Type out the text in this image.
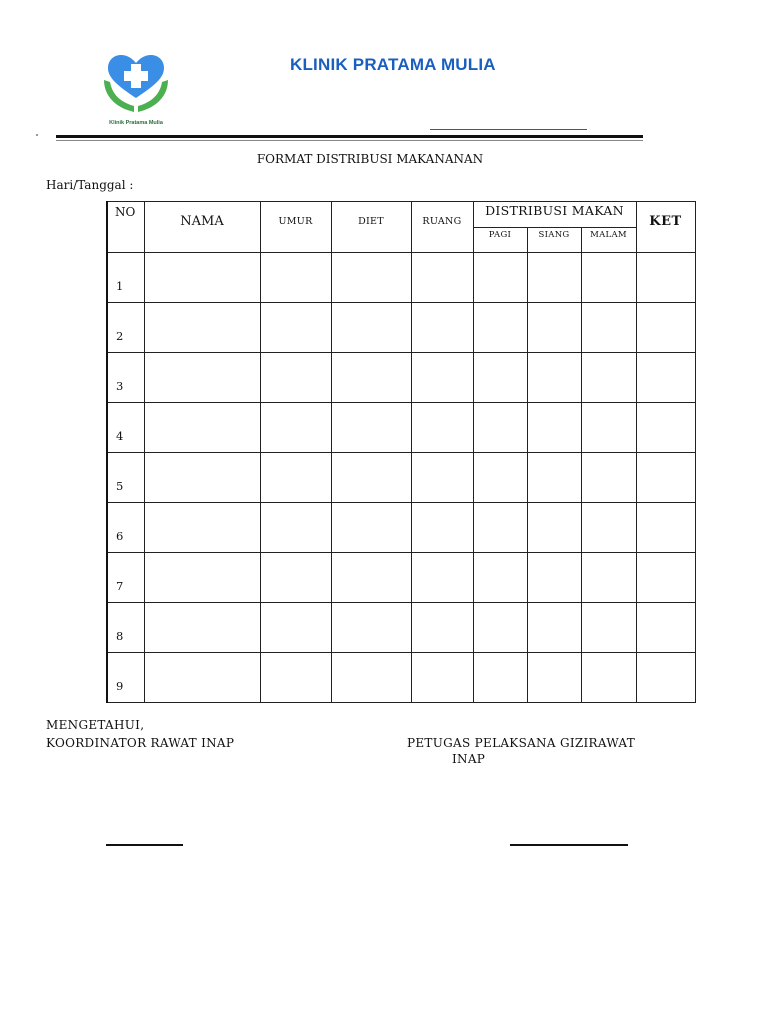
Klinik Pratama Mulia
KLINIK PRATAMA MULIA
FORMAT DISTRIBUSI MAKANANAN
Hari/Tanggal :
NO	NAMA	UMUR	DIET	RUANG	DISTRIBUSI MAKAN			KET
					PAGI	SIANG	MALAM	
1								
2								
3								
4								
5								
6								
7								
8								
9								
MENGETAHUI,
KOORDINATOR RAWAT INAP	PETUGAS PELAKSANA GIZIRAWAT
INAP
